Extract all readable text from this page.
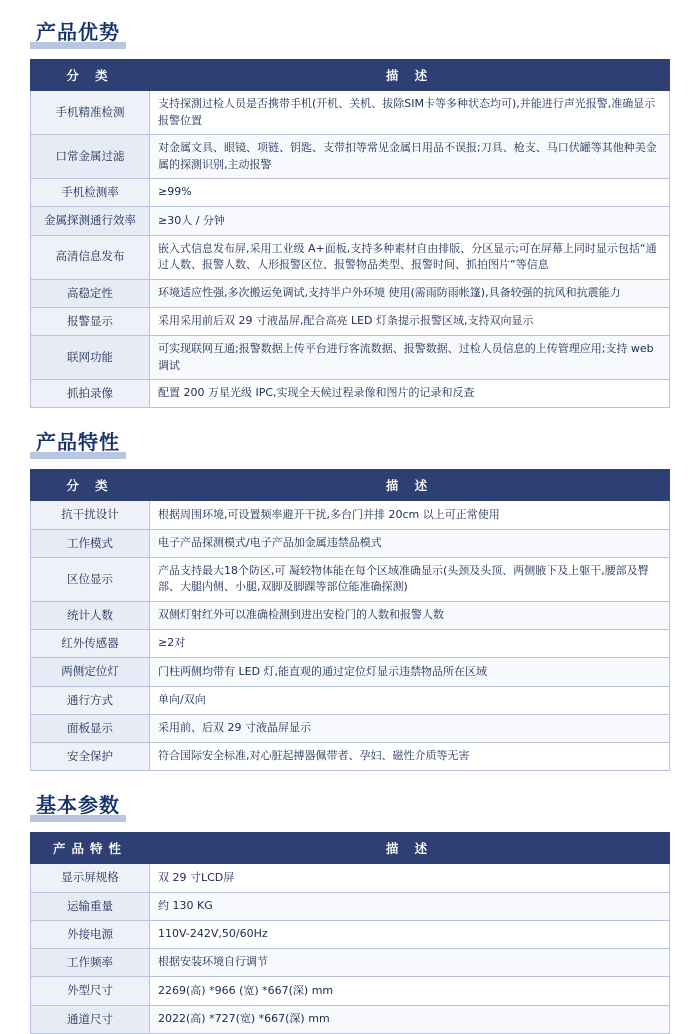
产品优势
分 类	描 述
手机精准检测	支持探測过检人员是否携带手机(开机、关机、拔除SIM卡等多种状态均可),并能进行声光报警,准确显示报警位置
口常金属过滤	对金属文具、眼镜、项链、钥匙、支带扣等常见金属日用品不误报;刀具、枪支、马口伏罐等其他种美金属的探測识别,主动报警
手机检测率	≥99%
金属探测通行效率	≥30人 / 分钟
高清信息发布	嵌入式信息发布屏,采用工业级 A+面板,支持多种素材自由排版、分区显示;可在屏幕上同时显示包括“通过人数、报警人数、人形报警区位、报警物品类型、报警时间、抓拍图片”等信息
高稳定性	环境适应性强,多次搬运免调试,支持半户外环境 使用(需雨防雨帐篷),具备较强的抗风和抗震能力
报警显示	采用采用前后双 29 寸液晶屏,配合高亮 LED 灯条提示报警区域,支持双向显示
联网功能	可实现联网互通;报警数据上传平台进行客流数据、报警数据、过检人员信息的上传管理应用;支持 web 调试
抓拍录像	配置 200 万星光级 IPC,实现全天候过程录像和图片的记录和反查
产品特性
分 类	描 述
抗干扰设计	根据周围环境,可设置频率避开干扰,多台门并排 20cm 以上可正常使用
工作模式	电子产品探测模式/电子产品加金属违禁品模式
区位显示	产品支持最大18个防区,可 凝较物体能在每个区域准确显示(头颈及头顶、两侧腋下及上躯干,腰部及臀部、大腿内侧、小腿,双脚及脚踝等部位能准确探测)
统计人数	双侧灯射红外可以准确检测到进出安检门的人数和报警人数
红外传感器	≥2对
两侧定位灯	门柱两侧均带有 LED 灯,能直观的通过定位灯显示违禁物品所在区域
通行方式	单向/双向
面板显示	采用前、后双 29 寸液晶屏显示
安全保护	符合国际安全标准,对心脏起搏器佩带者、孕妇、磁性介质等无害
基本参数
产品特性	描 述
显示屏规格	双 29 寸LCD屏
运输重量	约 130 KG
外接电源	110V-242V,50/60Hz
工作频率	根据安装环境自行调节
外型尺寸	2269(高) *966 (宽) *667(深) mm
通道尺寸	2022(高) *727(宽) *667(深) mm
